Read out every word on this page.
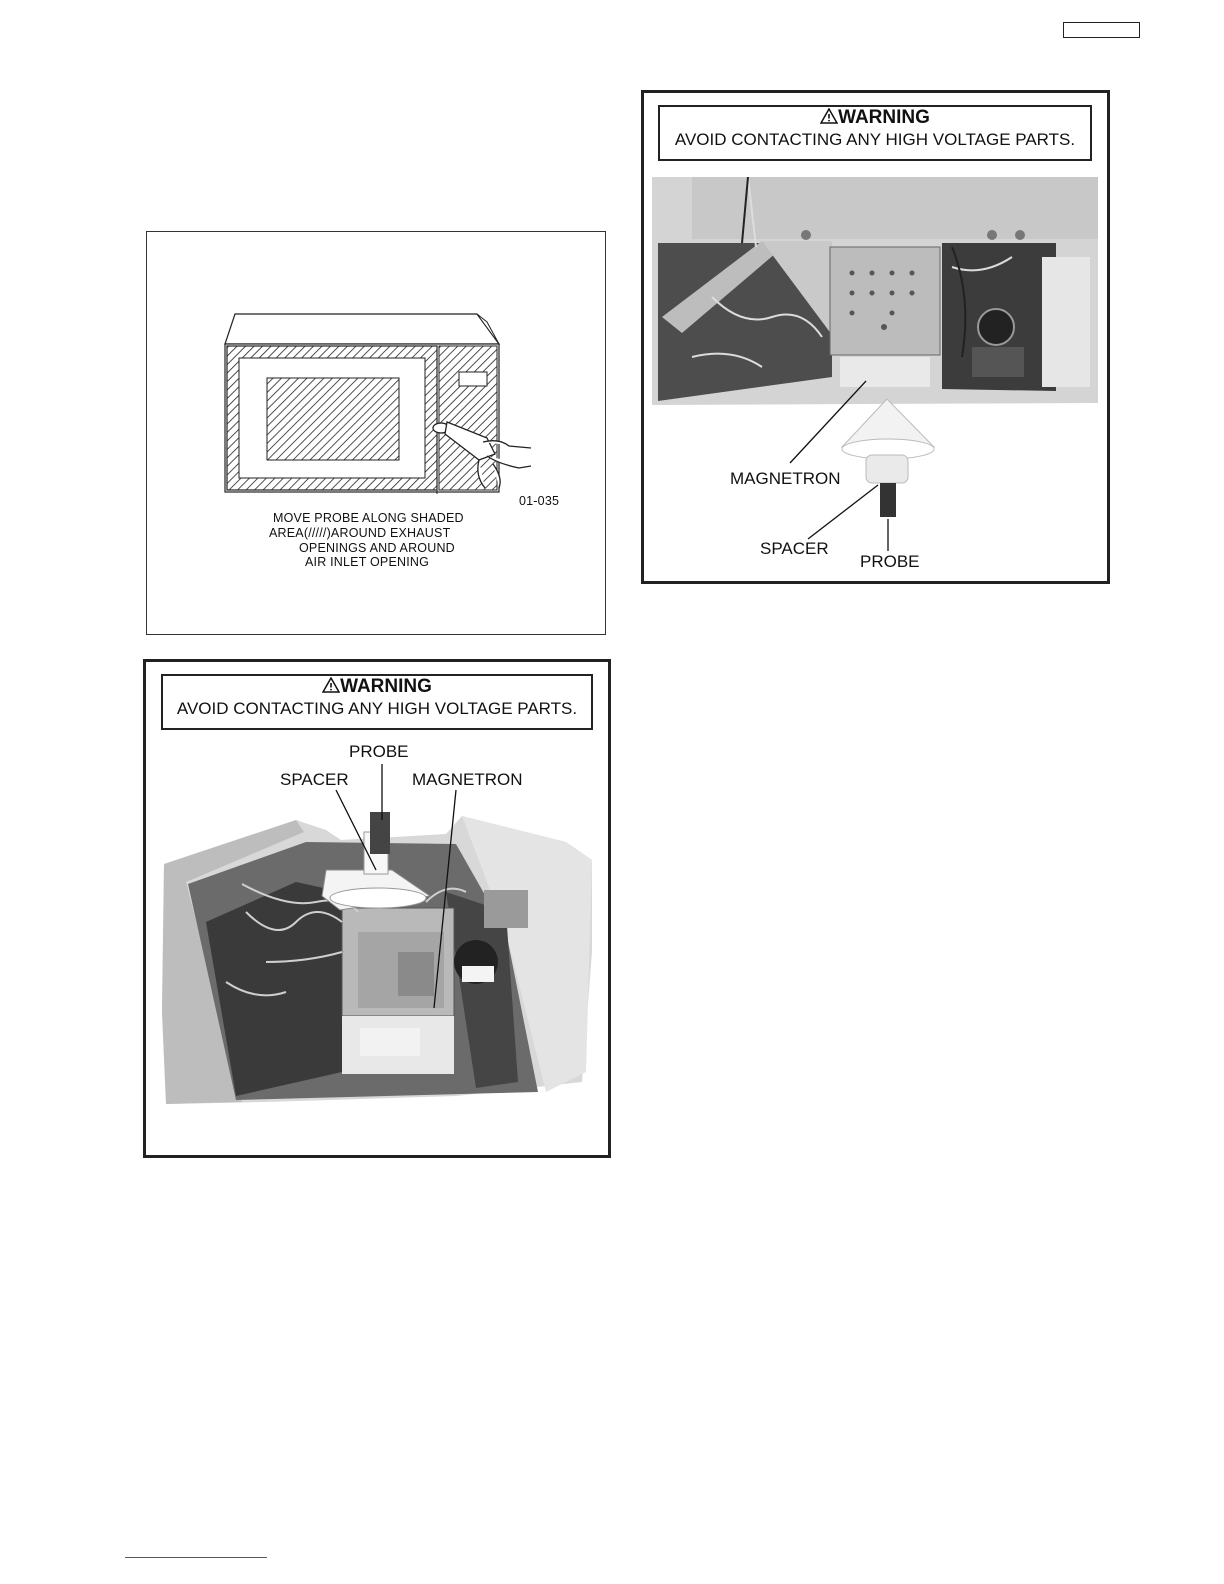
01-035
MOVE PROBE ALONG SHADED
AREA(/////)AROUND EXHAUST
OPENINGS AND AROUND
AIR INLET OPENING
WARNING
AVOID CONTACTING ANY HIGH VOLTAGE PARTS.
PROBE
SPACER	MAGNETRON
WARNING
AVOID CONTACTING ANY HIGH VOLTAGE PARTS.
MAGNETRON
SPACER
PROBE
